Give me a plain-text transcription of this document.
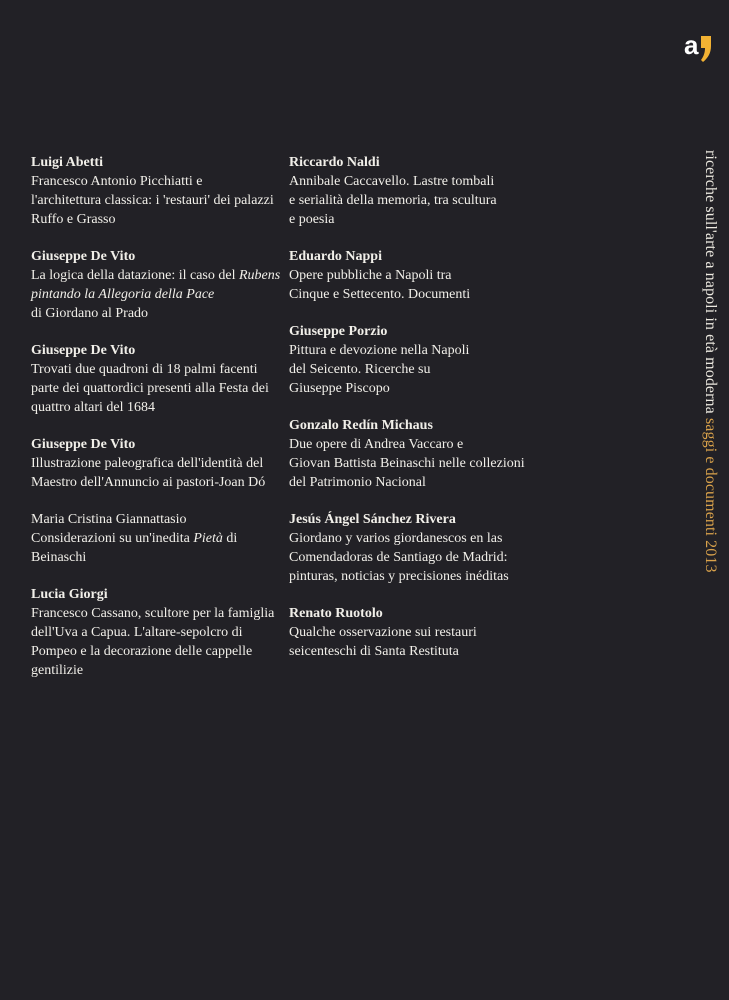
a
Luigi Abetti
Francesco Antonio Picchiatti e
l'architettura classica: i 'restauri' dei palazzi
Ruffo e Grasso
Giuseppe De Vito
La logica della datazione: il caso del Rubens
pintando la Allegoria della Pace
di Giordano al Prado
Giuseppe De Vito
Trovati due quadroni di 18 palmi facenti
parte dei quattordici presenti alla Festa dei
quattro altari del 1684
Giuseppe De Vito
Illustrazione paleografica dell'identità del
Maestro dell'Annuncio ai pastori-Joan Dó
Maria Cristina Giannattasio
Considerazioni su un'inedita Pietà di
Beinaschi
Lucia Giorgi
Francesco Cassano, scultore per la famiglia
dell'Uva a Capua. L'altare-sepolcro di
Pompeo e la decorazione delle cappelle
gentilizie
Riccardo Naldi
Annibale Caccavello. Lastre tombali
e serialità della memoria, tra scultura
e poesia
Eduardo Nappi
Opere pubbliche a Napoli tra
Cinque e Settecento. Documenti
Giuseppe Porzio
Pittura e devozione nella Napoli
del Seicento. Ricerche su
Giuseppe Piscopo
Gonzalo Redín Michaus
Due opere di Andrea Vaccaro e
Giovan Battista Beinaschi nelle collezioni
del Patrimonio Nacional
Jesús Ángel Sánchez Rivera
Giordano y varios giordanescos en las
Comendadoras de Santiago de Madrid:
pinturas, noticias y precisiones inéditas
Renato Ruotolo
Qualche osservazione sui restauri
seicenteschi di Santa Restituta
ricerche sull'arte a napoli in età moderna saggi e documenti 2013
